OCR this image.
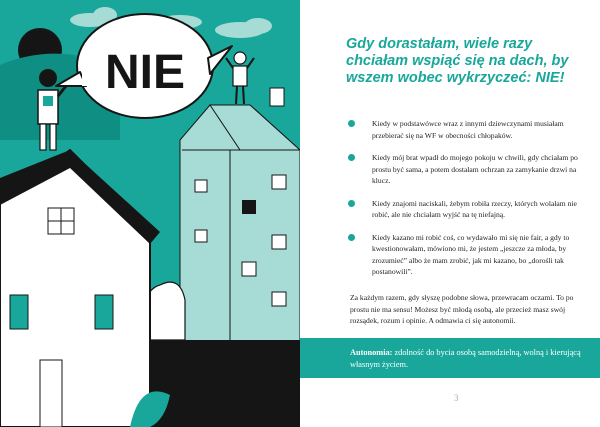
NIE
Gdy dorastałam, wiele razy chciałam wspiąć się na dach, by wszem wobec wykrzyczeć: NIE!
Kiedy w podstawówce wraz z innymi dziewczynami musiałam przebierać się na WF w obecności chłopaków.
Kiedy mój brat wpadł do mojego pokoju w chwili, gdy chciałam po prostu być sama, a potem dostałam ochrzan za zamykanie drzwi na klucz.
Kiedy znajomi naciskali, żebym robiła rzeczy, których wolałam nie robić, ale nie chciałam wyjść na tę niefajną.
Kiedy kazano mi robić coś, co wydawało mi się nie fair, a gdy to kwestionowałam, mówiono mi, że jestem „jeszcze za młoda, by zrozumieć” albo że mam zrobić, jak mi kazano, bo „dorośli tak postanowili”.

Za każdym razem, gdy słyszę podobne słowa, przewracam oczami. To po prostu nie ma sensu! Możesz być młodą osobą, ale przecież masz swój rozsądek, rozum i opinie. A odmawia ci się autonomii.

Autonomia: zdolność do bycia osobą samodzielną, wolną i kierującą własnym życiem.

3
